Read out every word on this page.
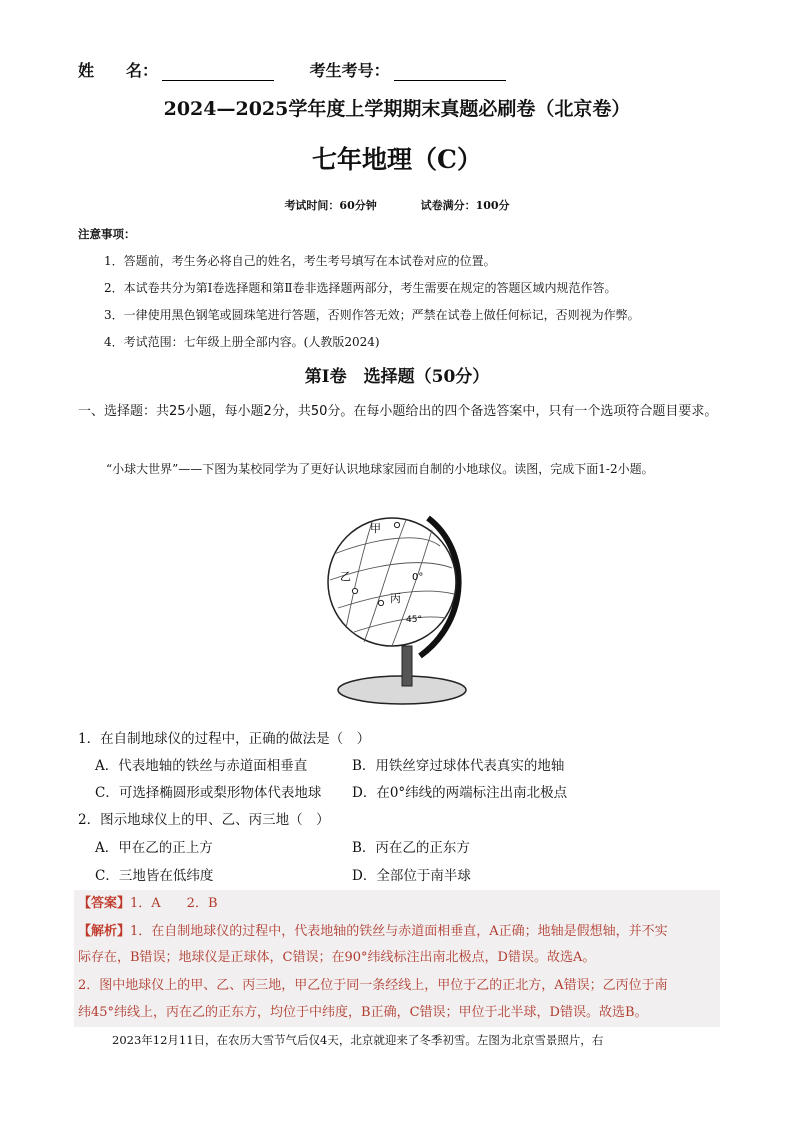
姓　　名：	考生考号：
2024—2025学年度上学期期末真题必刷卷（北京卷）
七年地理（C）
考试时间：60分钟	试卷满分：100分
注意事项：
1．答题前，考生务必将自己的姓名，考生考号填写在本试卷对应的位置。
2．本试卷共分为第Ⅰ卷选择题和第Ⅱ卷非选择题两部分，考生需要在规定的答题区域内规范作答。
3．一律使用黑色钢笔或圆珠笔进行答题，否则作答无效；严禁在试卷上做任何标记，否则视为作弊。
4．考试范围：七年级上册全部内容。(人教版2024)
第Ⅰ卷　选择题（50分）
一、选择题：共25小题，每小题2分，共50分。在每小题给出的四个备选答案中，只有一个选项符合题目要求。
“小球大世界”——下图为某校同学为了更好认识地球家园而自制的小地球仪。读图，完成下面1-2小题。
甲
乙
丙
0°
45°
1．在自制地球仪的过程中，正确的做法是（　）
A．代表地轴的铁丝与赤道面相垂直	B．用铁丝穿过球体代表真实的地轴
C．可选择椭圆形或梨形物体代表地球 D．在0°纬线的两端标注出南北极点
2．图示地球仪上的甲、乙、丙三地（　）
A．甲在乙的正上方	B．丙在乙的正东方
C．三地皆在低纬度	D．全部位于南半球
【答案】1．A　　2．B
【解析】1．在自制地球仪的过程中，代表地轴的铁丝与赤道面相垂直，A正确；地轴是假想轴，并不实
际存在，B错误；地球仪是正球体，C错误；在90°纬线标注出南北极点，D错误。故选A。
2．图中地球仪上的甲、乙、丙三地，甲乙位于同一条经线上，甲位于乙的正北方，A错误；乙丙位于南
纬45°纬线上，丙在乙的正东方，均位于中纬度，B正确，C错误；甲位于北半球，D错误。故选B。
2023年12月11日，在农历大雪节气后仅4天，北京就迎来了冬季初雪。左图为北京雪景照片，右
